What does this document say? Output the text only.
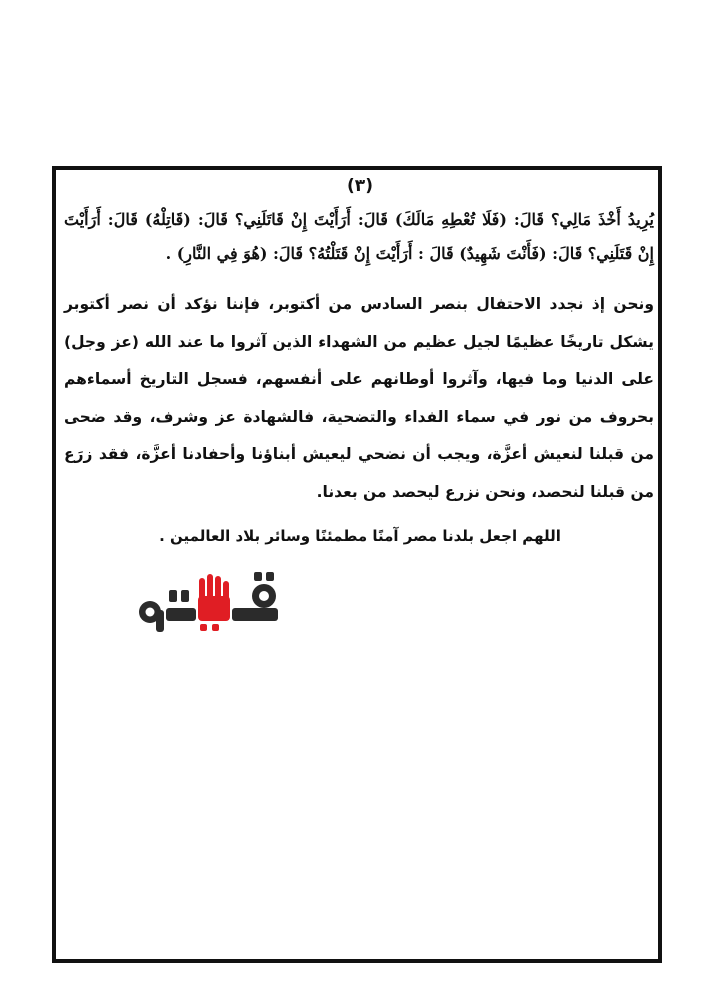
(٣)
يُرِيدُ أَخْذَ مَالِي؟ قَالَ: (فَلَا تُعْطِهِ مَالَكَ) قَالَ: أَرَأَيْتَ إِنْ قَاتَلَنِي؟ قَالَ: (قَاتِلْهُ) قَالَ: أَرَأَيْتَ إِنْ قَتَلَنِي؟ قَالَ: (فَأَنْتَ شَهِيدٌ) قَالَ : أَرَأَيْتَ إِنْ قَتَلْتُهُ؟ قَالَ: (هُوَ فِي النَّارِ) .
ونحن إذ نجدد الاحتفال بنصر السادس من أكتوبر، فإننا نؤكد أن نصر أكتوبر يشكل تاريخًا عظيمًا لجيل عظيم من الشهداء الذين آثروا ما عند الله (عز وجل) على الدنيا وما فيها، وآثروا أوطانهم على أنفسهم، فسجل التاريخ أسماءهم بحروف من نور في سماء الفداء والتضحية، فالشهادة عز وشرف، وقد ضحى من قبلنا لنعيش أعزَّة، ويجب أن نضحي ليعيش أبناؤنا وأحفادنا أعزَّة، فقد زرَع من قبلنا لنحصد، ونحن نزرع ليحصد من بعدنا.
اللهم اجعل بلدنا مصر آمنًا مطمئنًا وسائر بلاد العالمين .
فيتو
